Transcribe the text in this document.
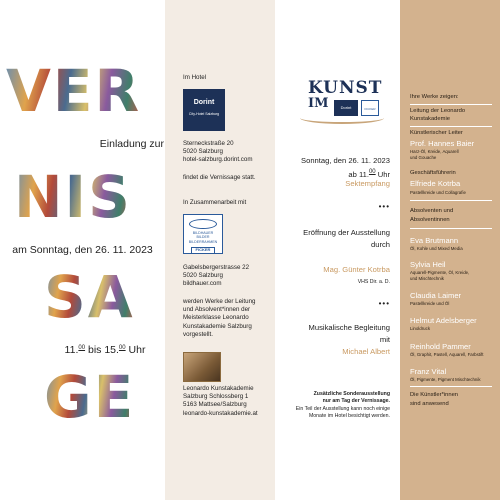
VER
Einladung zur
NIS
am Sonntag, den 26. 11. 2023
SA
11.00 bis 15.00 Uhr
GE
Im Hotel
Dorint
City-Hotel Salzburg
Sterneckstraße 20
5020 Salzburg
hotel-salzburg.dorint.com
findet die Vernissage statt.
In Zusammenarbeit mit
BILDHAUER
BILDER
BILDERRAHMEN
FICKER
Gabelsbergerstrasse 22
5020 Salzburg
bildhauer.com
werden Werke der Leitung
und Absolvent*innen der
Meisterklasse Leonardo
Kunstakademie Salzburg
vorgestellt.
Leonardo Kunstakademie
Salzburg Schlossberg 1
5163 Mattsee/Salzburg
leonardo-kunstakademie.at
KUNST
IM	Dorint	FICKER
Sonntag, den 26. 11. 2023
ab 11.00 Uhr
Sektempfang
•••
Eröffnung der Ausstellung
durch
Mag. Günter Kotrba
VHS Dir. a. D.
•••
Musikalische Begleitung
mit
Michael Albert
Zusätzliche Sonderausstellung
nur am Tag der Vernissage.
Ein Teil der Ausstellung kann noch einige
Monate im Hotel besichtigt werden.
Ihre Werke zeigen:
Leitung der Leonardo
Kunstakademie
Künstlerischer Leiter
Prof. Hannes Baier
Harz-Öl, Kreide, Aquarell
und Gouache
Geschäftsführerin
Elfriede Kotrba
Pastellkreide und Collagrafie
Absolventen und
Absolventinnen
Eva Brutmann
Öl, Kohle und Mixed Media
Sylvia Heil
Aquarell-Pigmente, Öl, Kreide,
und Mischtechnik
Claudia Laimer
Pastellkreide und Öl
Helmut Adelsberger
Linoldruck
Reinhold Pammer
Öl, Graphit, Pastell, Aquarell, Farbstift
Franz Vital
Öl, Pigmente, Pigment Mischtechnik
Die Künstler*innen
sind anwesend
